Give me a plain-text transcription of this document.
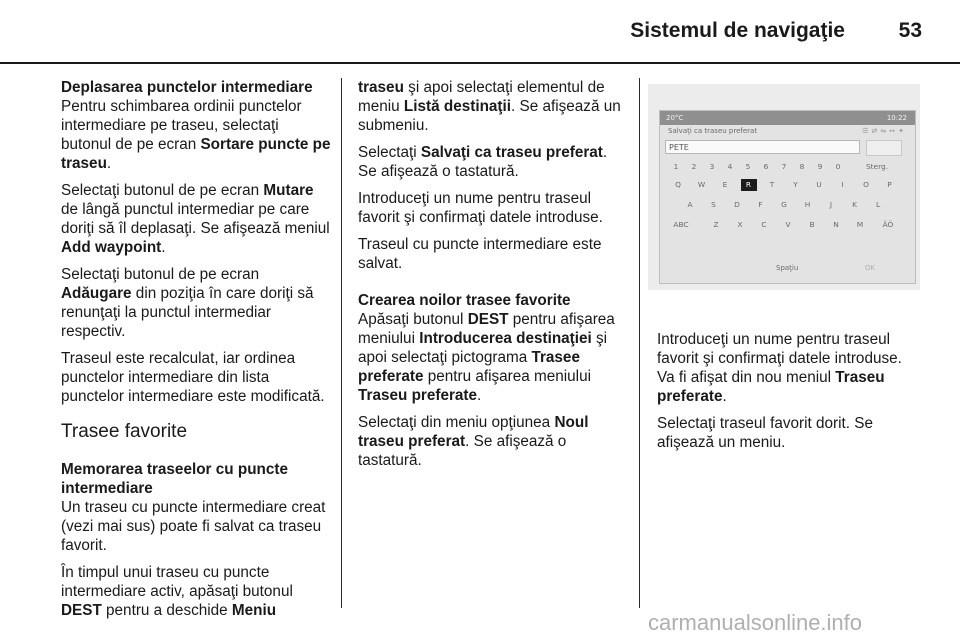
Sistemul de navigaţie	53

Deplasarea punctelor intermediare

Pentru schimbarea ordinii punctelor intermediare pe traseu, selectaţi butonul de pe ecran Sortare puncte pe traseu.

Selectaţi butonul de pe ecran Mutare de lângă punctul intermediar pe care doriţi să îl deplasaţi. Se afişează meniul Add waypoint.

Selectaţi butonul de pe ecran Adăugare din poziţia în care doriţi să renunţaţi la punctul intermediar respectiv.

Traseul este recalculat, iar ordinea punctelor intermediare din lista punctelor intermediare este modificată.

Trasee favorite

Memorarea traseelor cu puncte intermediare

Un traseu cu puncte intermediare creat (vezi mai sus) poate fi salvat ca traseu favorit.

În timpul unui traseu cu puncte intermediare activ, apăsaţi butonul DEST pentru a deschide Meniu

traseu şi apoi selectaţi elementul de meniu Listă destinaţii. Se afişează un submeniu.

Selectaţi Salvaţi ca traseu preferat. Se afişează o tastatură.

Introduceţi un nume pentru traseul favorit şi confirmaţi datele introduse.

Traseul cu puncte intermediare este salvat.

Crearea noilor trasee favorite

Apăsaţi butonul DEST pentru afişarea meniului Introducerea destinaţiei şi apoi selectaţi pictograma Trasee preferate pentru afişarea meniului Traseu preferate.

Selectaţi din meniu opţiunea Noul traseu preferat. Se afişează o tastatură.

20°C	10:22
Salvaţi ca traseu preferat	☰⇄⇋↔✦
PETE
1	2	3	4	5	6	7	8	9	0	Sterg.
Q	W	E	R	T	Y	U	I	O	P
A	S	D	F	G	H	J	K	L
ABC	Z	X	C	V	B	N	M	ÄÖ
Spaţiu	OK

Introduceţi un nume pentru traseul favorit şi confirmaţi datele introduse. Va fi afişat din nou meniul Traseu preferate.

Selectaţi traseul favorit dorit. Se afişează un meniu.

carmanualsonline.info
